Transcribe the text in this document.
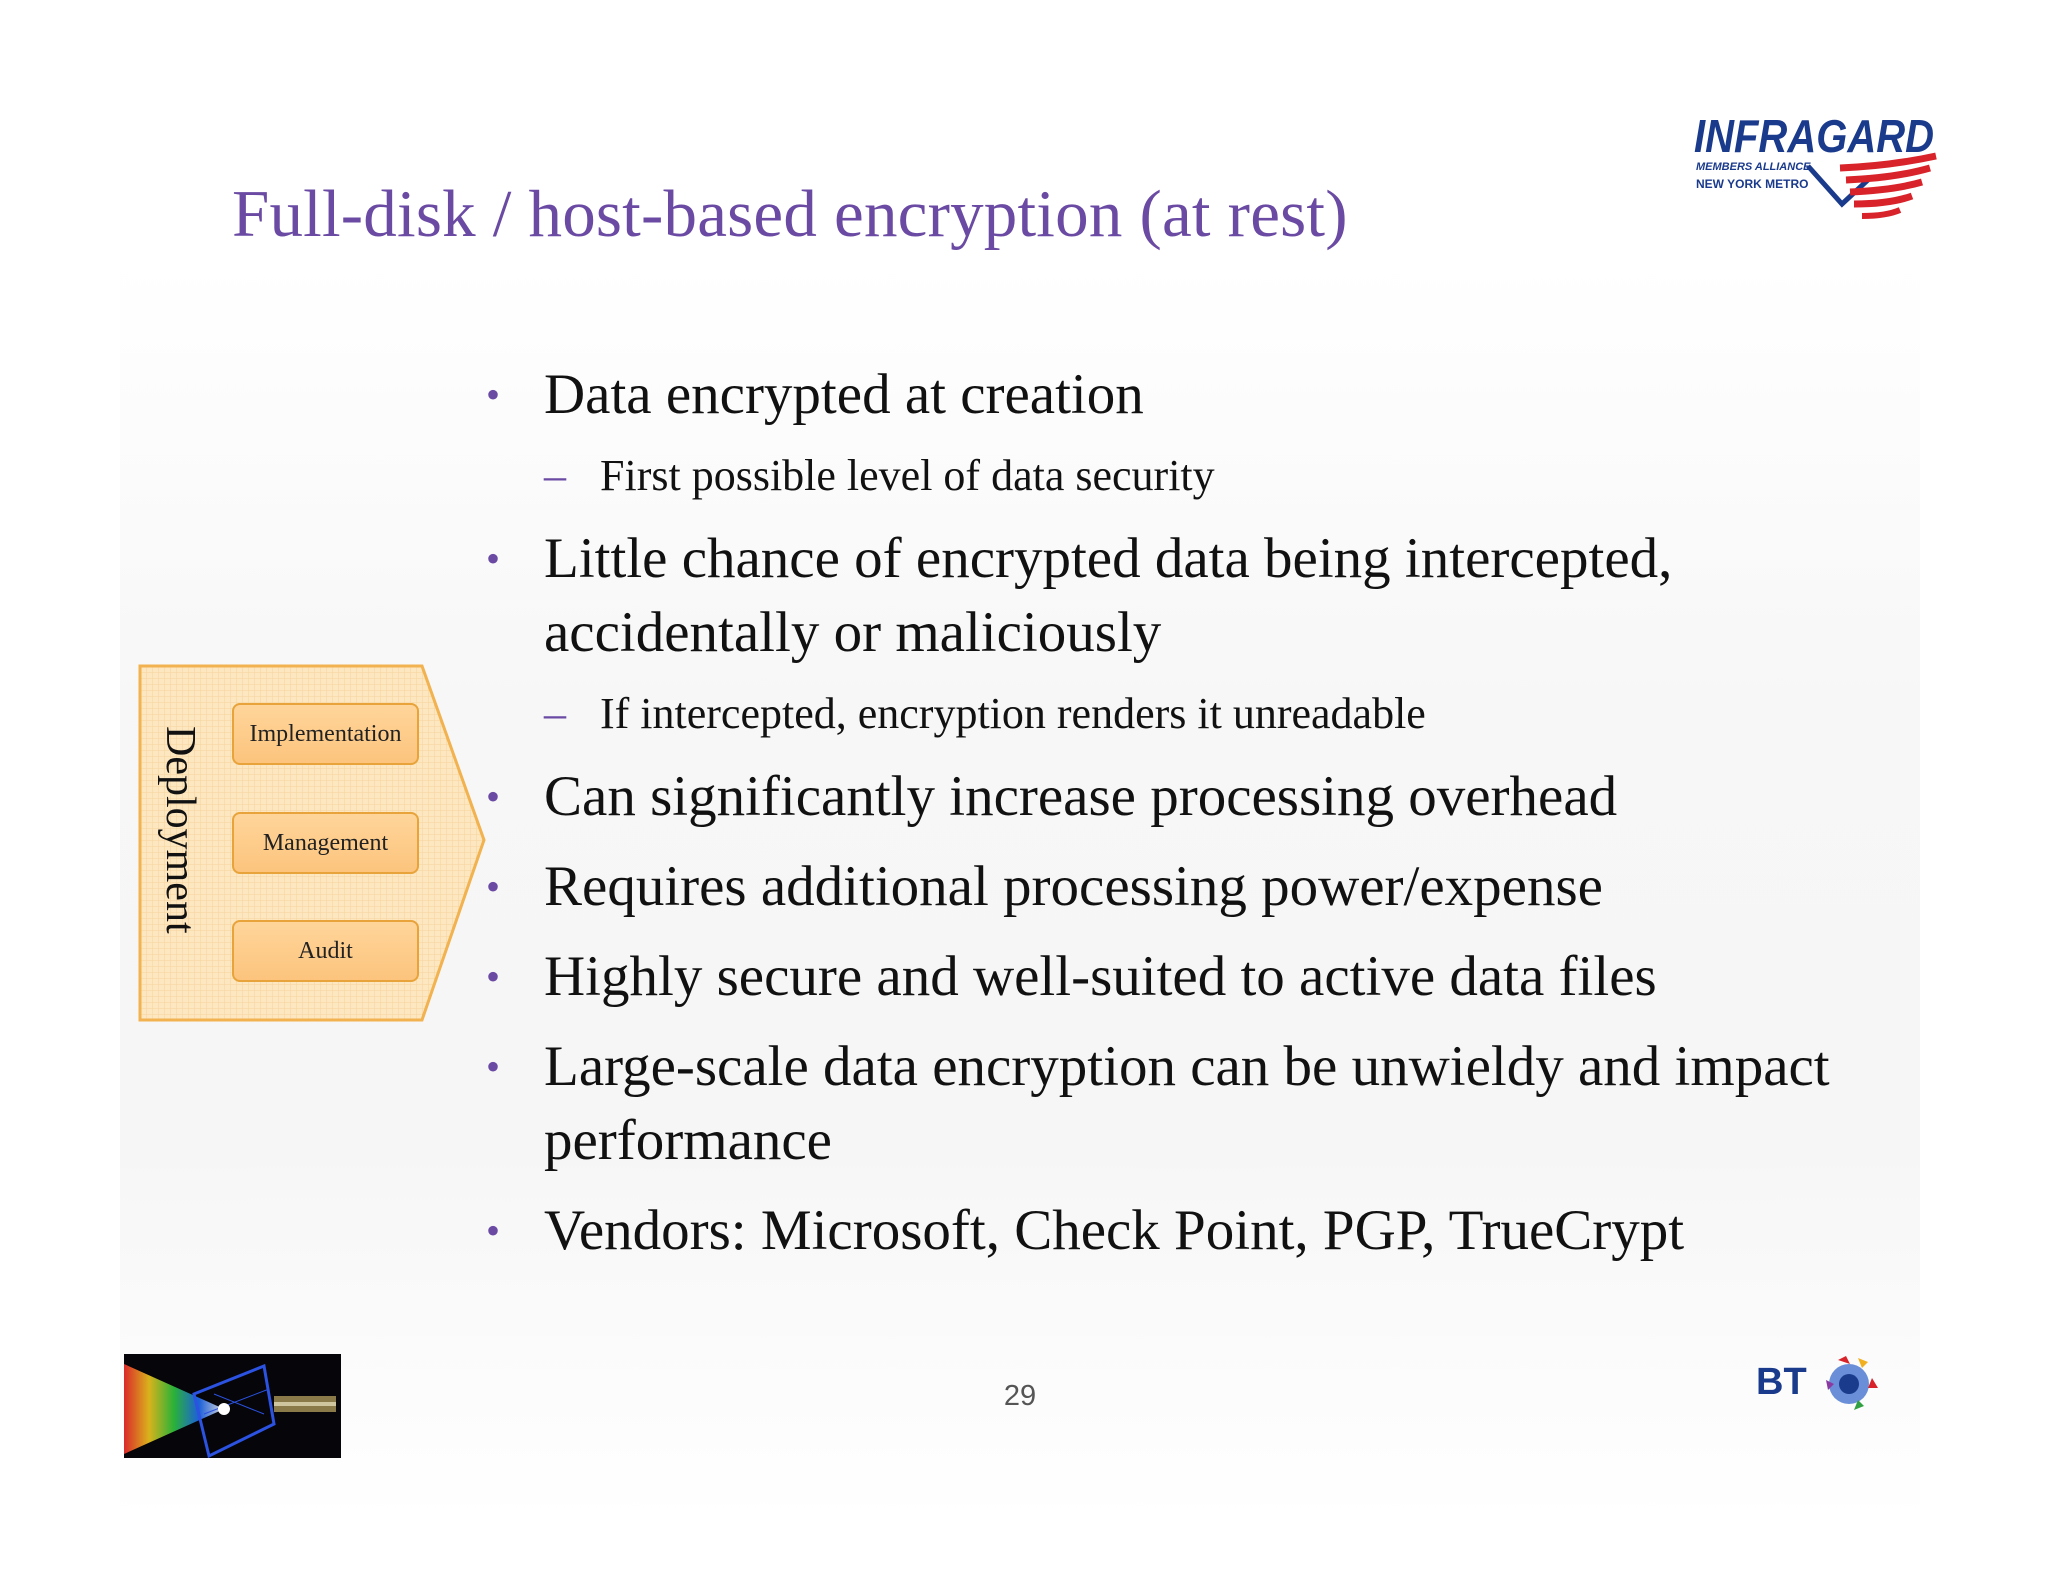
Full-disk / host-based encryption (at rest)
INFRAGARD
MEMBERS ALLIANCE
NEW YORK METRO
• Data encrypted at creation
– First possible level of data security
• Little chance of encrypted data being intercepted, accidentally or maliciously
– If intercepted, encryption renders it unreadable
• Can significantly increase processing overhead
• Requires additional processing power/expense
• Highly secure and well-suited to active data files
• Large-scale data encryption can be unwieldy and impact performance
• Vendors: Microsoft, Check Point, PGP, TrueCrypt
Deployment	Implementation
Management
Audit
29	BT
